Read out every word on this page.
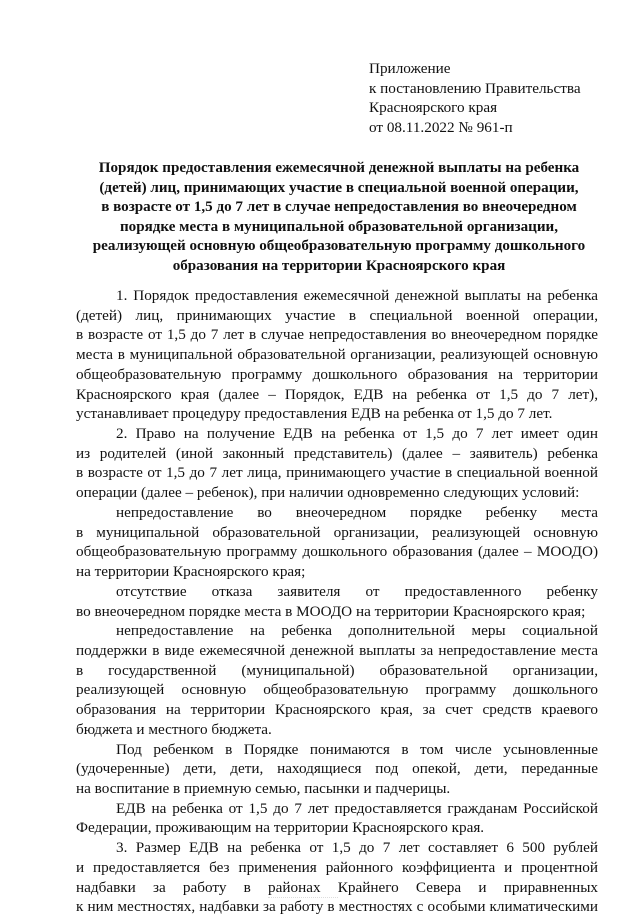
Приложение
к постановлению Правительства
Красноярского края
от 08.11.2022 № 961-п
Порядок предоставления ежемесячной денежной выплаты на ребенка
(детей) лиц, принимающих участие в специальной военной операции,
в возрасте от 1,5 до 7 лет в случае непредоставления во внеочередном
порядке места в муниципальной образовательной организации,
реализующей основную общеобразовательную программу дошкольного
образования на территории Красноярского края
1. Порядок предоставления ежемесячной денежной выплаты на ребенка
(детей) лиц, принимающих участие в специальной военной операции,
в возрасте от 1,5 до 7 лет в случае непредоставления во внеочередном порядке
места в муниципальной образовательной организации, реализующей основную
общеобразовательную программу дошкольного образования на территории
Красноярского края (далее – Порядок, ЕДВ на ребенка от 1,5 до 7 лет),
устанавливает процедуру предоставления ЕДВ на ребенка от 1,5 до 7 лет.
2. Право на получение ЕДВ на ребенка от 1,5 до 7 лет имеет один
из родителей (иной законный представитель) (далее – заявитель) ребенка
в возрасте от 1,5 до 7 лет лица, принимающего участие в специальной военной
операции (далее – ребенок), при наличии одновременно следующих условий:
непредоставление во внеочередном порядке ребенку места
в муниципальной образовательной организации, реализующей основную
общеобразовательную программу дошкольного образования (далее – МООДО)
на территории Красноярского края;
отсутствие отказа заявителя от предоставленного ребенку
во внеочередном порядке места в МООДО на территории Красноярского края;
непредоставление на ребенка дополнительной меры социальной
поддержки в виде ежемесячной денежной выплаты за непредоставление места
в государственной (муниципальной) образовательной организации,
реализующей основную общеобразовательную программу дошкольного
образования на территории Красноярского края, за счет средств краевого
бюджета и местного бюджета.
Под ребенком в Порядке понимаются в том числе усыновленные
(удочеренные) дети, дети, находящиеся под опекой, дети, переданные
на воспитание в приемную семью, пасынки и падчерицы.
ЕДВ на ребенка от 1,5 до 7 лет предоставляется гражданам Российской
Федерации, проживающим на территории Красноярского края.
3. Размер ЕДВ на ребенка от 1,5 до 7 лет составляет 6 500 рублей
и предоставляется без применения районного коэффициента и процентной
надбавки за работу в районах Крайнего Севера и приравненных
к ним местностях, надбавки за работу в местностях с особыми климатическими
